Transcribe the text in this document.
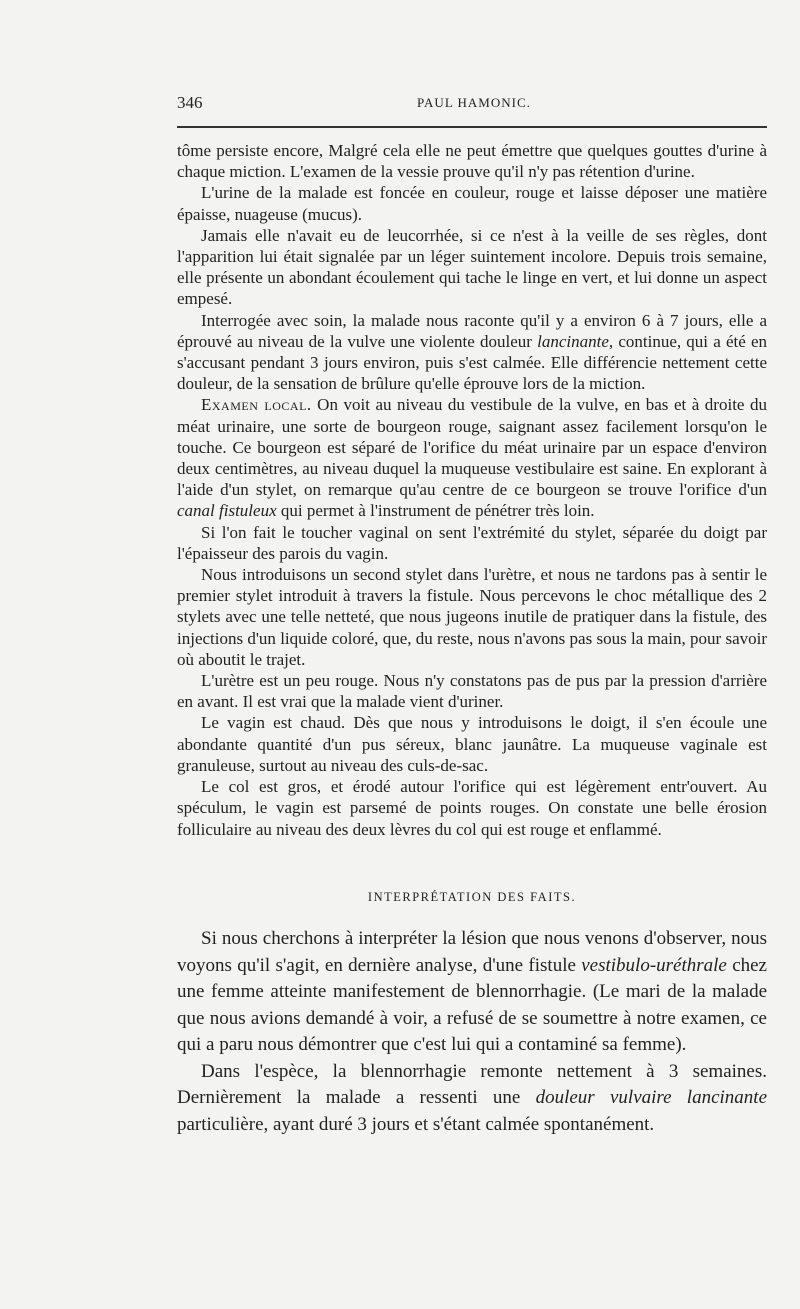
346	PAUL HAMONIC.

tôme persiste encore, Malgré cela elle ne peut émettre que quelques gouttes d'urine à chaque miction. L'examen de la vessie prouve qu'il n'y pas rétention d'urine.

L'urine de la malade est foncée en couleur, rouge et laisse déposer une matière épaisse, nuageuse (mucus).

Jamais elle n'avait eu de leucorrhée, si ce n'est à la veille de ses règles, dont l'apparition lui était signalée par un léger suintement incolore. Depuis trois semaine, elle présente un abondant écoulement qui tache le linge en vert, et lui donne un aspect empesé.

Interrogée avec soin, la malade nous raconte qu'il y a environ 6 à 7 jours, elle a éprouvé au niveau de la vulve une violente douleur lancinante, continue, qui a été en s'accusant pendant 3 jours environ, puis s'est calmée. Elle différencie nettement cette douleur, de la sensation de brûlure qu'elle éprouve lors de la miction.

Examen local. On voit au niveau du vestibule de la vulve, en bas et à droite du méat urinaire, une sorte de bourgeon rouge, saignant assez facilement lorsqu'on le touche. Ce bourgeon est séparé de l'orifice du méat urinaire par un espace d'environ deux centimètres, au niveau duquel la muqueuse vestibulaire est saine. En explorant à l'aide d'un stylet, on remarque qu'au centre de ce bourgeon se trouve l'orifice d'un canal fistuleux qui permet à l'instrument de pénétrer très loin.

Si l'on fait le toucher vaginal on sent l'extrémité du stylet, séparée du doigt par l'épaisseur des parois du vagin.

Nous introduisons un second stylet dans l'urètre, et nous ne tardons pas à sentir le premier stylet introduit à travers la fistule. Nous percevons le choc métallique des 2 stylets avec une telle netteté, que nous jugeons inutile de pratiquer dans la fistule, des injections d'un liquide coloré, que, du reste, nous n'avons pas sous la main, pour savoir où aboutit le trajet.

L'urètre est un peu rouge. Nous n'y constatons pas de pus par la pression d'arrière en avant. Il est vrai que la malade vient d'uriner.

Le vagin est chaud. Dès que nous y introduisons le doigt, il s'en écoule une abondante quantité d'un pus séreux, blanc jaunâtre. La muqueuse vaginale est granuleuse, surtout au niveau des culs-de-sac.

Le col est gros, et érodé autour l'orifice qui est légèrement entr'ouvert. Au spéculum, le vagin est parsemé de points rouges. On constate une belle érosion folliculaire au niveau des deux lèvres du col qui est rouge et enflammé.

INTERPRÉTATION DES FAITS.

Si nous cherchons à interpréter la lésion que nous venons d'observer, nous voyons qu'il s'agit, en dernière analyse, d'une fistule vestibulo-uréthrale chez une femme atteinte manifestement de blennorrhagie. (Le mari de la malade que nous avions demandé à voir, a refusé de se soumettre à notre examen, ce qui a paru nous démontrer que c'est lui qui a contaminé sa femme).

Dans l'espèce, la blennorrhagie remonte nettement à 3 semaines. Dernièrement la malade a ressenti une douleur vulvaire lancinante particulière, ayant duré 3 jours et s'étant calmée spontanément.
